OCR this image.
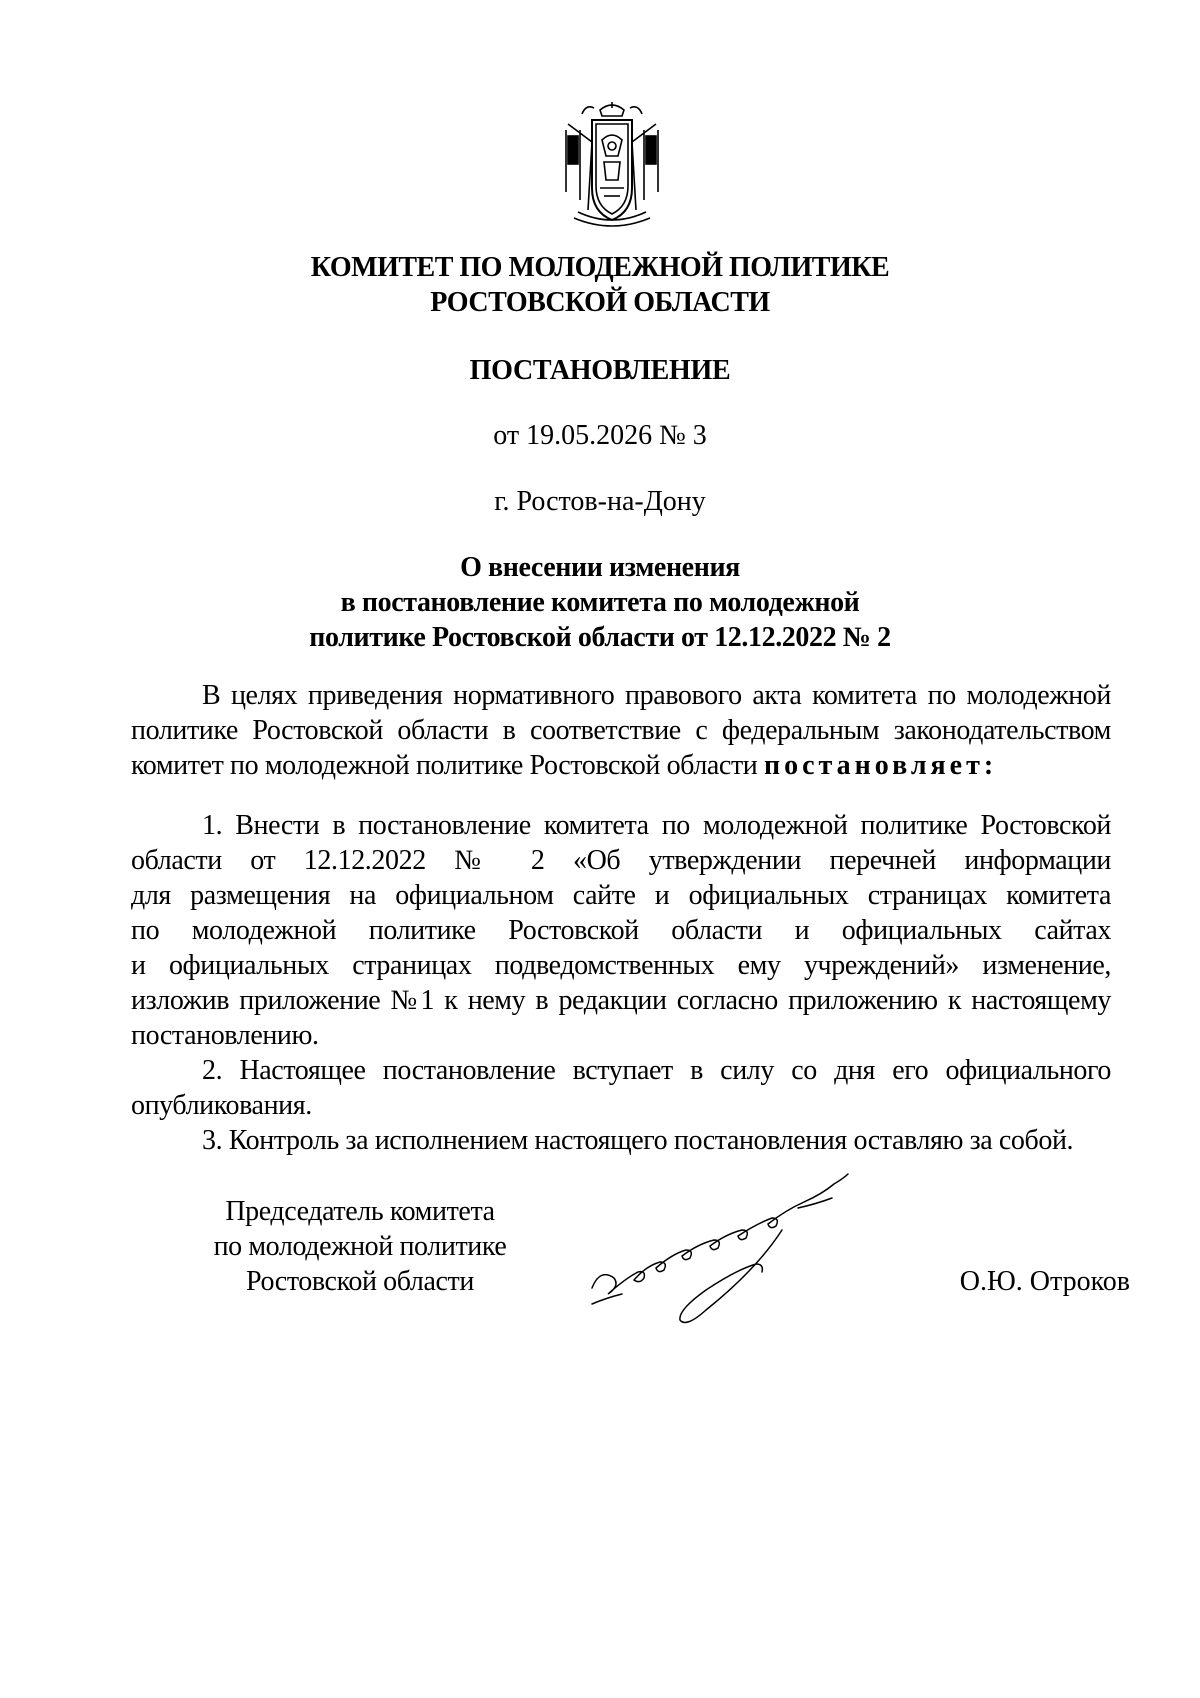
КОМИТЕТ ПО МОЛОДЕЖНОЙ ПОЛИТИКЕ
РОСТОВСКОЙ ОБЛАСТИ
ПОСТАНОВЛЕНИЕ
от 19.05.2026 № 3
г. Ростов-на-Дону
О внесении изменения
в постановление комитета по молодежной
политике Ростовской области от 12.12.2022 № 2
В целях приведения нормативного правового акта комитета по молодежной
политике Ростовской области в соответствие с федеральным законодательством
комитет по молодежной политике Ростовской области постановляет:
1. Внести в постановление комитета по молодежной политике Ростовской
области от 12.12.2022 № 2 «Об утверждении перечней информации
для размещения на официальном сайте и официальных страницах комитета
по молодежной политике Ростовской области и официальных сайтах
и официальных страницах подведомственных ему учреждений» изменение,
изложив приложение №1 к нему в редакции согласно приложению к настоящему
постановлению.
2. Настоящее постановление вступает в силу со дня его официального
опубликования.
3. Контроль за исполнением настоящего постановления оставляю за собой.
Председатель комитета
по молодежной политике
Ростовской области	О.Ю. Отроков
